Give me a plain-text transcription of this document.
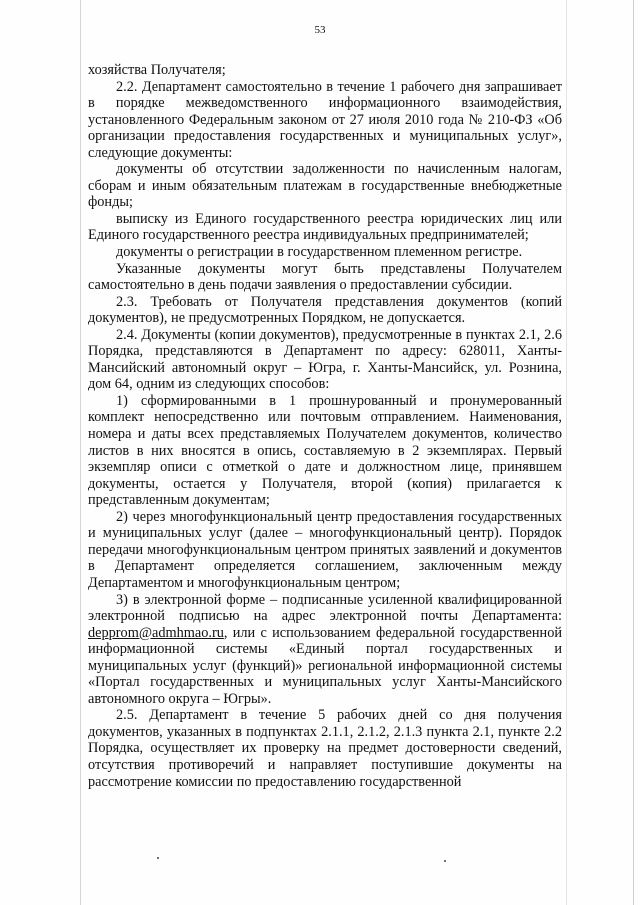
53

хозяйства Получателя;

2.2. Департамент самостоятельно в течение 1 рабочего дня запрашивает в порядке межведомственного информационного взаимодействия, установленного Федеральным законом от 27 июля 2010 года № 210-ФЗ «Об организации предоставления государственных и муниципальных услуг», следующие документы:

документы об отсутствии задолженности по начисленным налогам, сборам и иным обязательным платежам в государственные внебюджетные фонды;

выписку из Единого государственного реестра юридических лиц или Единого государственного реестра индивидуальных предпринимателей;

документы о регистрации в государственном племенном регистре.

Указанные документы могут быть представлены Получателем самостоятельно в день подачи заявления о предоставлении субсидии.

2.3. Требовать от Получателя представления документов (копий документов), не предусмотренных Порядком, не допускается.

2.4. Документы (копии документов), предусмотренные в пунктах 2.1, 2.6 Порядка, представляются в Департамент по адресу: 628011, Ханты-Мансийский автономный округ – Югра, г. Ханты-Мансийск, ул. Рознина, дом 64, одним из следующих способов:

1) сформированными в 1 прошнурованный и пронумерованный комплект непосредственно или почтовым отправлением. Наименования, номера и даты всех представляемых Получателем документов, количество листов в них вносятся в опись, составляемую в 2 экземплярах. Первый экземпляр описи с отметкой о дате и должностном лице, принявшем документы, остается у Получателя, второй (копия) прилагается к представленным документам;

2) через многофункциональный центр предоставления государственных и муниципальных услуг (далее – многофункциональный центр). Порядок передачи многофункциональным центром принятых заявлений и документов в Департамент определяется соглашением, заключенным между Департаментом и многофункциональным центром;

3) в электронной форме – подписанные усиленной квалифицированной электронной подписью на адрес электронной почты Департамента: depprom@admhmao.ru, или с использованием федеральной государственной информационной системы «Единый портал государственных и муниципальных услуг (функций)» региональной информационной системы «Портал государственных и муниципальных услуг Ханты-Мансийского автономного округа – Югры».

2.5. Департамент в течение 5 рабочих дней со дня получения документов, указанных в подпунктах 2.1.1, 2.1.2, 2.1.3 пункта 2.1, пункте 2.2 Порядка, осуществляет их проверку на предмет достоверности сведений, отсутствия противоречий и направляет поступившие документы на рассмотрение комиссии по предоставлению государственной
